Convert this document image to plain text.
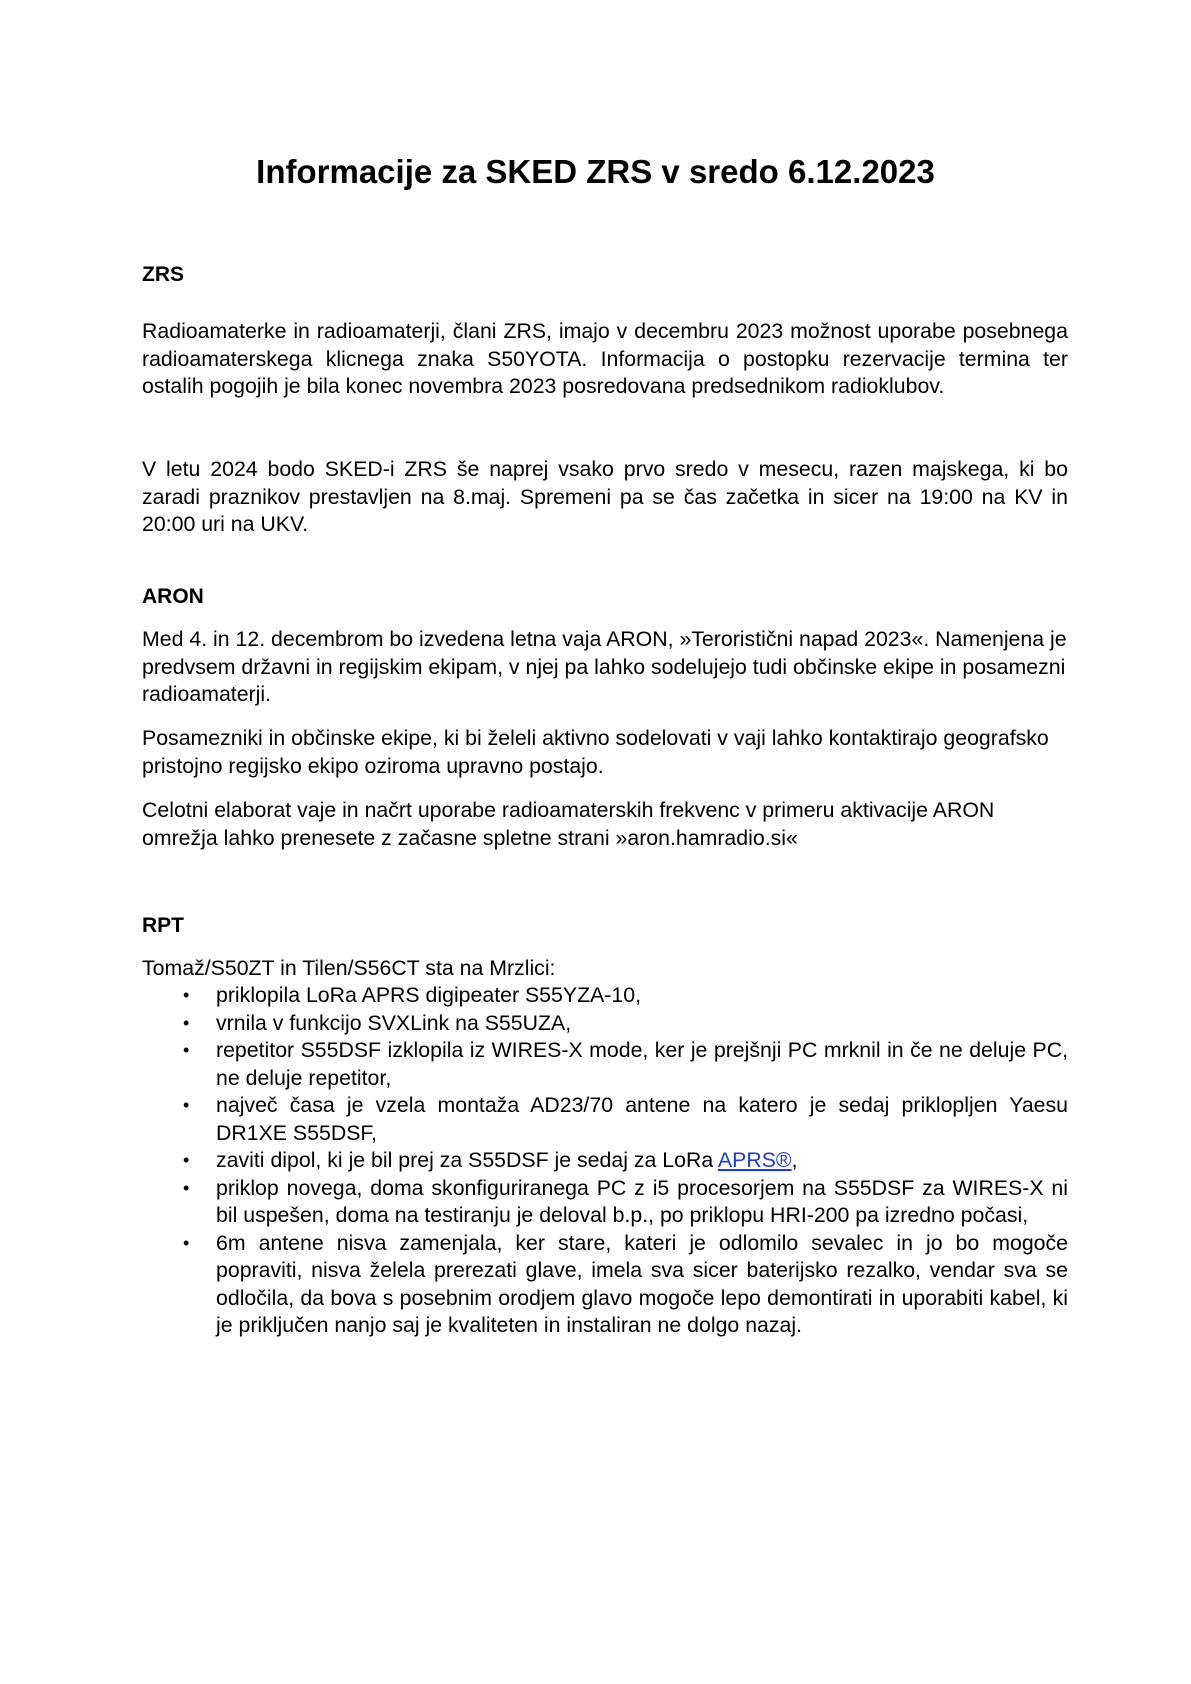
Informacije za SKED ZRS v sredo 6.12.2023
ZRS

Radioamaterke in radioamaterji, člani ZRS, imajo v decembru 2023 možnost uporabe posebnega radioamaterskega klicnega znaka S50YOTA. Informacija o postopku rezervacije termina ter ostalih pogojih je bila konec novembra 2023 posredovana predsednikom radioklubov.

V letu 2024 bodo SKED-i ZRS še naprej vsako prvo sredo v mesecu, razen majskega, ki bo zaradi praznikov prestavljen na 8.maj. Spremeni pa se čas začetka in sicer na 19:00 na KV in 20:00 uri na UKV.

ARON

Med 4. in 12. decembrom bo izvedena letna vaja ARON, »Teroristični napad 2023«. Namenjena je predvsem državni in regijskim ekipam, v njej pa lahko sodelujejo tudi občinske ekipe in posamezni radioamaterji.

Posamezniki in občinske ekipe, ki bi želeli aktivno sodelovati v vaji lahko kontaktirajo geografsko pristojno regijsko ekipo oziroma upravno postajo.

Celotni elaborat vaje in načrt uporabe radioamaterskih frekvenc v primeru aktivacije ARON omrežja lahko prenesete z začasne spletne strani »aron.hamradio.si«

RPT

Tomaž/S50ZT in Tilen/S56CT sta na Mrzlici:

• priklopila LoRa APRS digipeater S55YZA-10,
• vrnila v funkcijo SVXLink na S55UZA,
• repetitor S55DSF izklopila iz WIRES-X mode, ker je prejšnji PC mrknil in če ne deluje PC, ne deluje repetitor,
• največ časa je vzela montaža AD23/70 antene na katero je sedaj priklopljen Yaesu DR1XE S55DSF,
• zaviti dipol, ki je bil prej za S55DSF je sedaj za LoRa APRS®,
• priklop novega, doma skonfiguriranega PC z i5 procesorjem na S55DSF za WIRES-X ni bil uspešen, doma na testiranju je deloval b.p., po priklopu HRI-200 pa izredno počasi,
• 6m antene nisva zamenjala, ker stare, kateri je odlomilo sevalec in jo bo mogoče popraviti, nisva želela prerezati glave, imela sva sicer baterijsko rezalko, vendar sva se odločila, da bova s posebnim orodjem glavo mogoče lepo demontirati in uporabiti kabel, ki je priključen nanjo saj je kvaliteten in instaliran ne dolgo nazaj.
